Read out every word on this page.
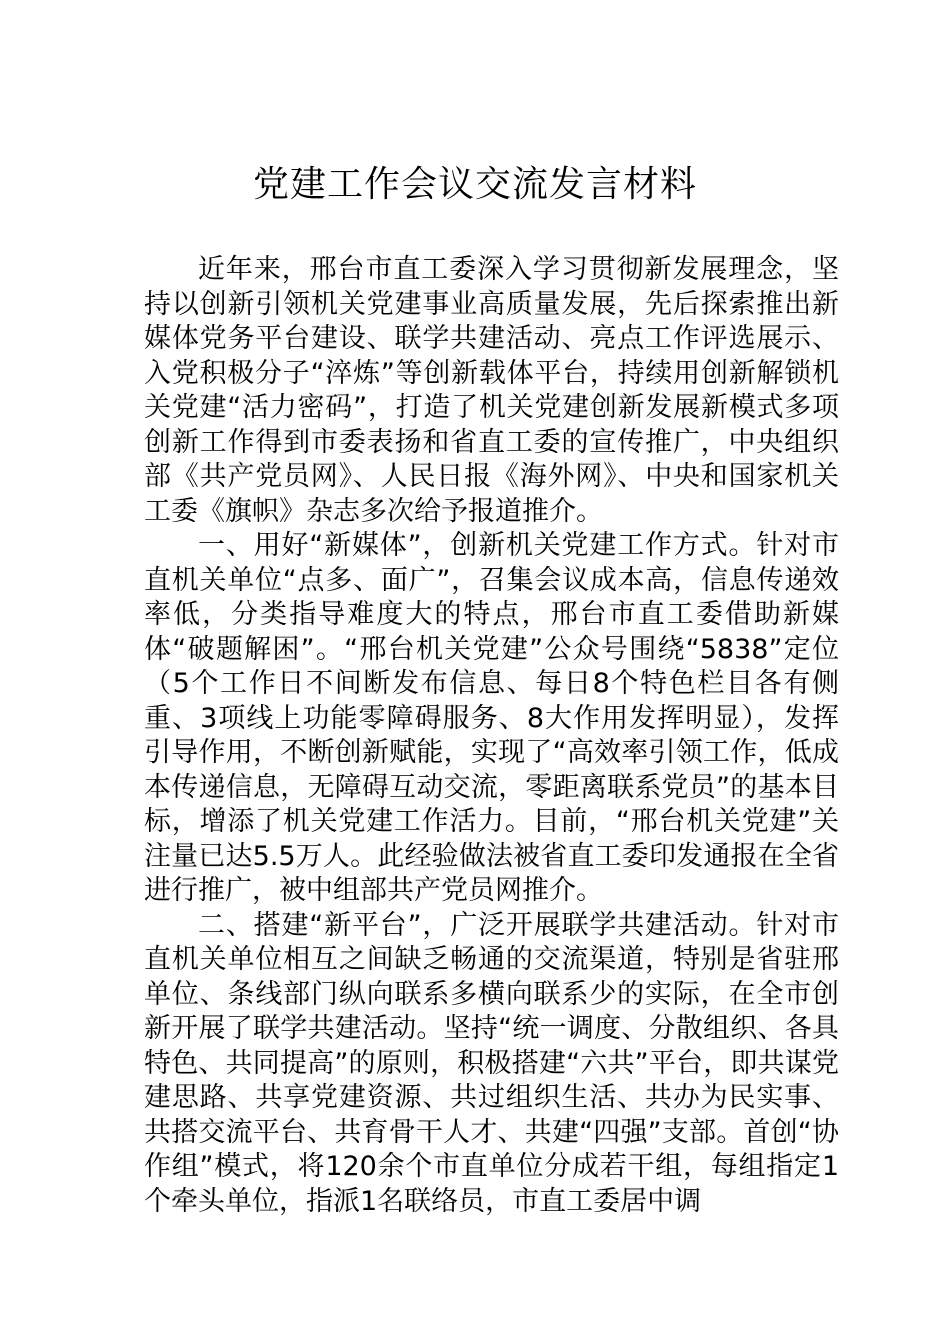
党建工作会议交流发言材料

近年来，邢台市直工委深入学习贯彻新发展理念，坚持以创新引领机关党建事业高质量发展，先后探索推出新媒体党务平台建设、联学共建活动、亮点工作评选展示、入党积极分子“淬炼”等创新载体平台，持续用创新解锁机关党建“活力密码”，打造了机关党建创新发展新模式多项创新工作得到市委表扬和省直工委的宣传推广，中央组织部《共产党员网》、人民日报《海外网》、中央和国家机关工委《旗帜》杂志多次给予报道推介。

一、用好“新媒体”，创新机关党建工作方式。针对市直机关单位“点多、面广”，召集会议成本高，信息传递效率低，分类指导难度大的特点，邢台市直工委借助新媒体“破题解困”。“邢台机关党建”公众号围绕“5838”定位（5个工作日不间断发布信息、每日8个特色栏目各有侧重、3项线上功能零障碍服务、8大作用发挥明显），发挥引导作用，不断创新赋能，实现了“高效率引领工作，低成本传递信息，无障碍互动交流，零距离联系党员”的基本目标，增添了机关党建工作活力。目前，“邢台机关党建”关注量已达5.5万人。此经验做法被省直工委印发通报在全省进行推广，被中组部共产党员网推介。

二、搭建“新平台”，广泛开展联学共建活动。针对市直机关单位相互之间缺乏畅通的交流渠道，特别是省驻邢单位、条线部门纵向联系多横向联系少的实际，在全市创新开展了联学共建活动。坚持“统一调度、分散组织、各具特色、共同提高”的原则，积极搭建“六共”平台，即共谋党建思路、共享党建资源、共过组织生活、共办为民实事、共搭交流平台、共育骨干人才、共建“四强”支部。首创“协作组”模式，将120余个市直单位分成若干组，每组指定1个牵头单位，指派1名联络员，市直工委居中调
